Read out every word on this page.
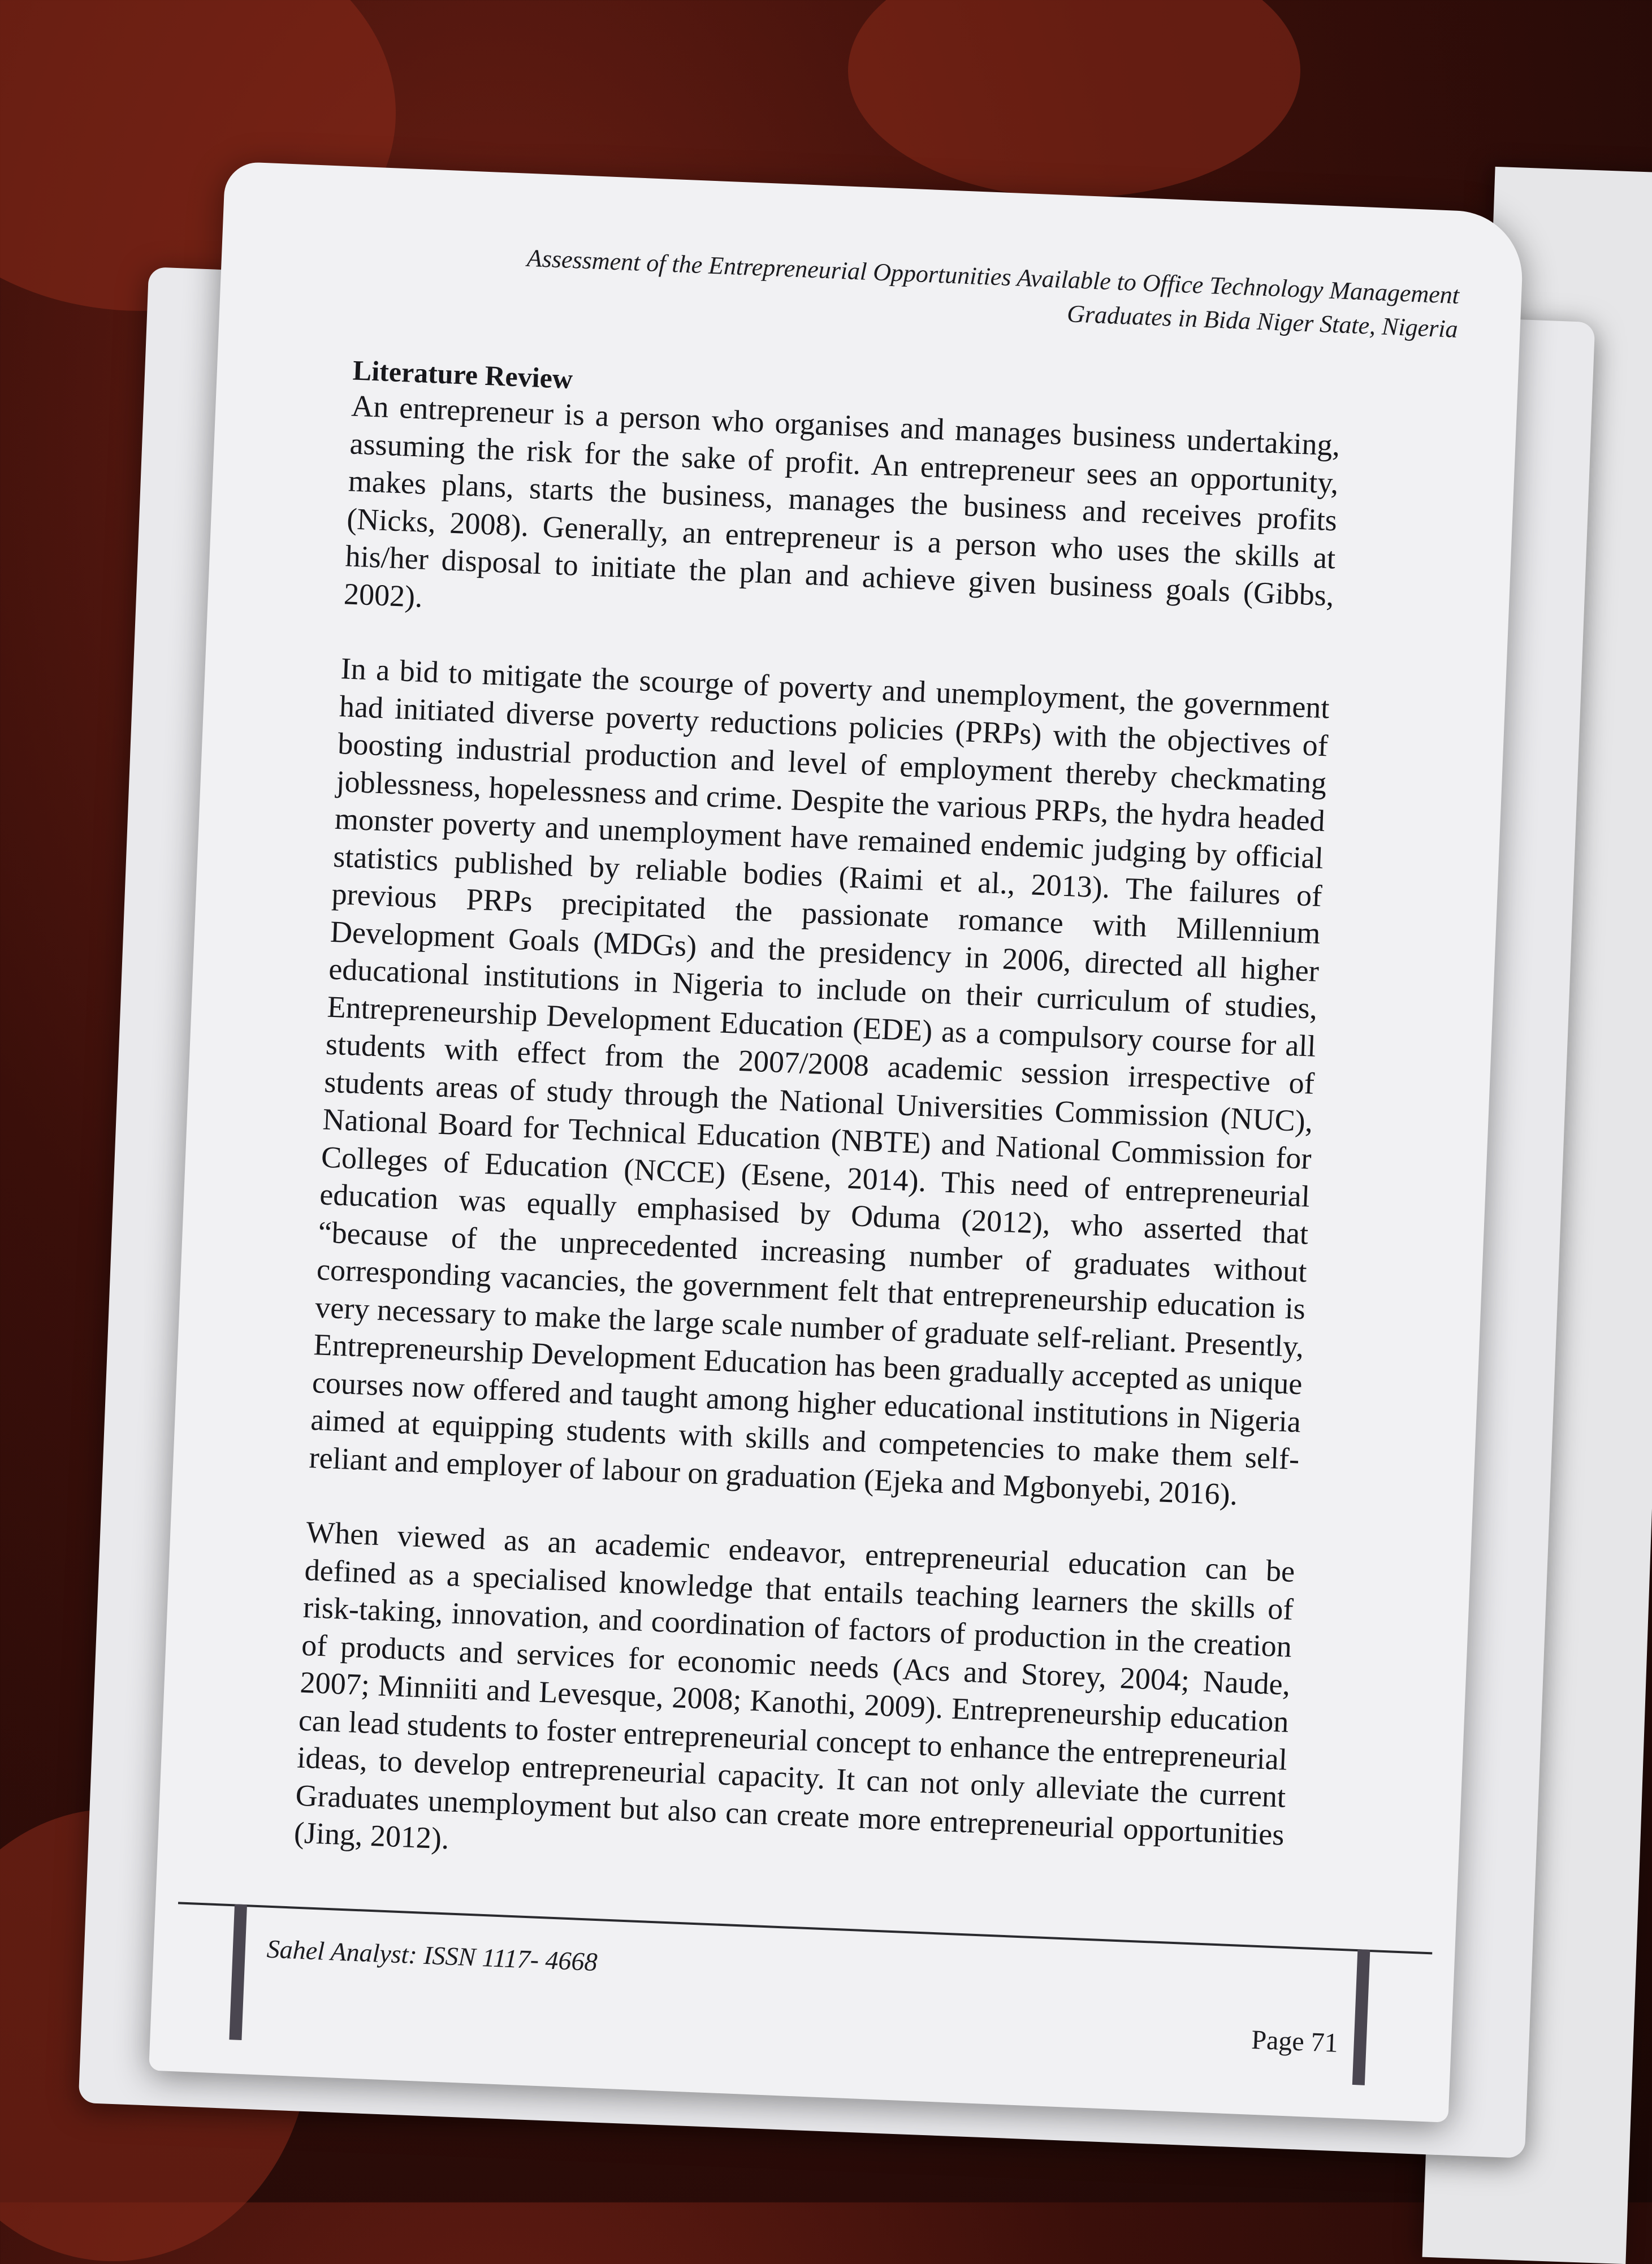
Assessment of the Entrepreneurial Opportunities Available to Office Technology Management
Graduates in Bida Niger State, Nigeria

Literature Review

An entrepreneur is a person who organises and manages business undertaking, assuming the risk for the sake of profit. An entrepreneur sees an opportunity, makes plans, starts the business, manages the business and receives profits (Nicks, 2008). Generally, an entrepreneur is a person who uses the skills at his/her disposal to initiate the plan and achieve given business goals (Gibbs, 2002).

In a bid to mitigate the scourge of poverty and unemployment, the government had initiated diverse poverty reductions policies (PRPs) with the objectives of boosting industrial production and level of employment thereby checkmating joblessness, hopelessness and crime. Despite the various PRPs, the hydra headed monster poverty and unemployment have remained endemic judging by official statistics published by reliable bodies (Raimi et al., 2013). The failures of previous PRPs precipitated the passionate romance with Millennium Development Goals (MDGs) and the presidency in 2006, directed all higher educational institutions in Nigeria to include on their curriculum of studies, Entrepreneurship Development Education (EDE) as a compulsory course for all students with effect from the 2007/2008 academic session irrespective of students areas of study through the National Universities Commission (NUC), National Board for Technical Education (NBTE) and National Commission for Colleges of Education (NCCE) (Esene, 2014). This need of entrepreneurial education was equally emphasised by Oduma (2012), who asserted that “because of the unprecedented increasing number of graduates without corresponding vacancies, the government felt that entrepreneurship education is very necessary to make the large scale number of graduate self-reliant. Presently, Entrepreneurship Development Education has been gradually accepted as unique courses now offered and taught among higher educational institutions in Nigeria aimed at equipping students with skills and competencies to make them self-reliant and employer of labour on graduation (Ejeka and Mgbonyebi, 2016).

When viewed as an academic endeavor, entrepreneurial education can be defined as a specialised knowledge that entails teaching learners the skills of risk-taking, innovation, and coordination of factors of production in the creation of products and services for economic needs (Acs and Storey, 2004; Naude, 2007; Minniiti and Levesque, 2008; Kanothi, 2009). Entrepreneurship education can lead students to foster entrepreneurial concept to enhance the entrepreneurial ideas, to develop entrepreneurial capacity. It can not only alleviate the current Graduates unemployment but also can create more entrepreneurial opportunities (Jing, 2012).

Sahel Analyst: ISSN 1117- 4668
Page 71
